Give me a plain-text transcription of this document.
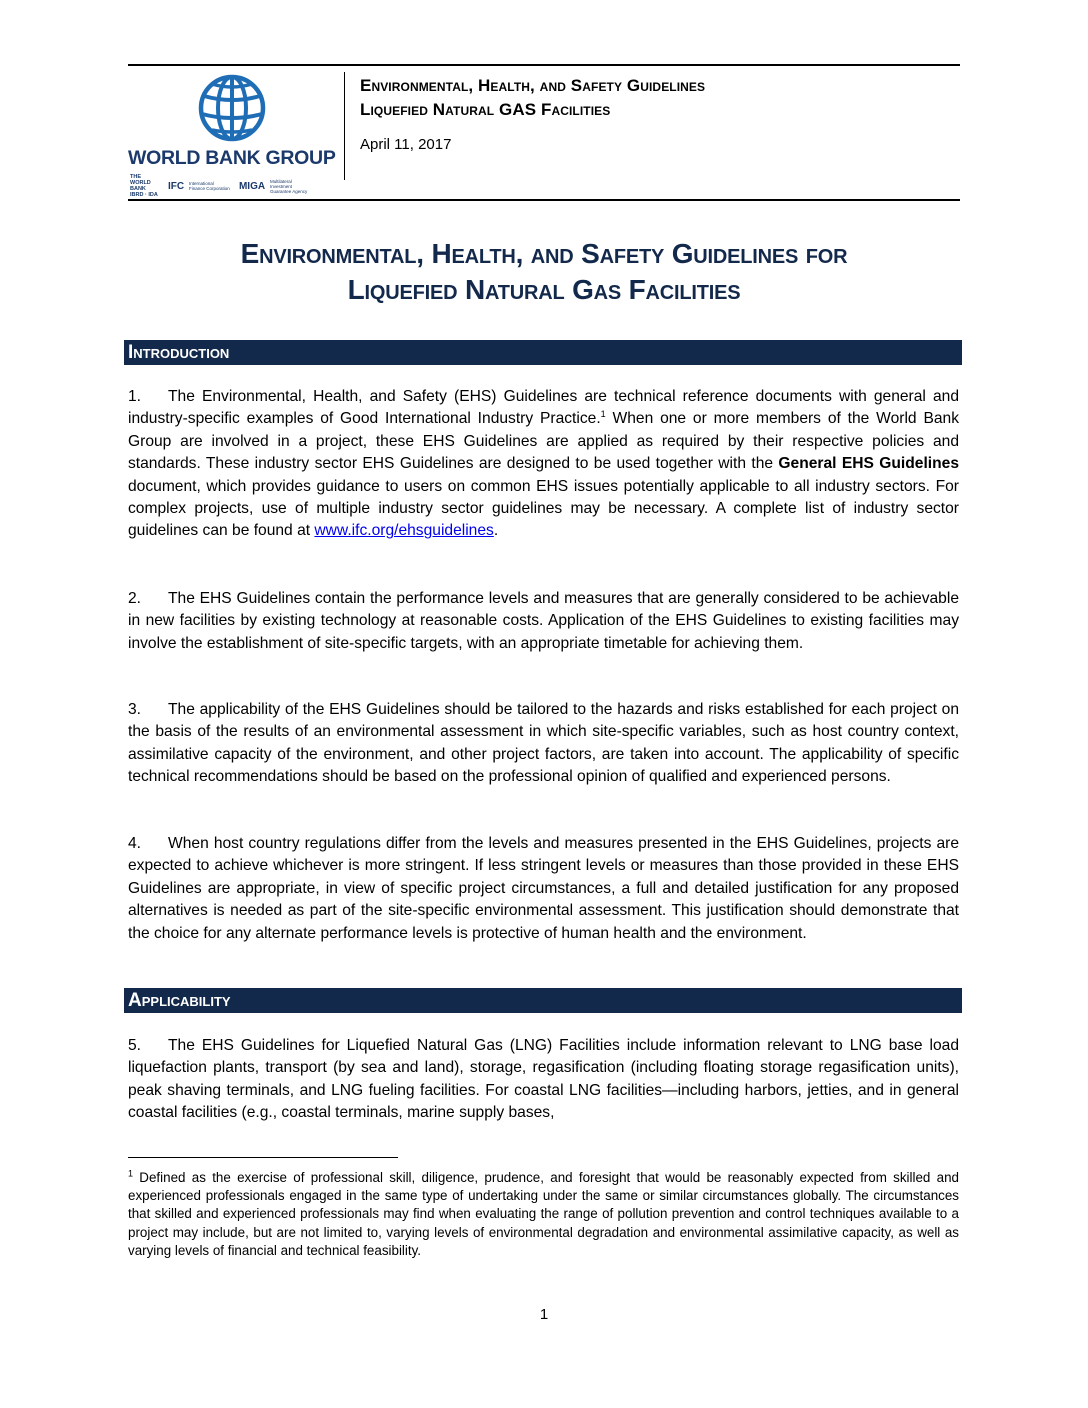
WORLD BANK GROUP
THE WORLD BANK IBRD · IDA IFC International Finance Corporation MIGA Multilateral Investment Guarantee Agency
Environmental, Health, and Safety Guidelines
Liquefied Natural GAS Facilities
April 11, 2017
Environmental, Health, and Safety Guidelines for
Liquefied Natural Gas Facilities
Introduction
1. The Environmental, Health, and Safety (EHS) Guidelines are technical reference documents with general and industry-specific examples of Good International Industry Practice.$^1$ When one or more members of the World Bank Group are involved in a project, these EHS Guidelines are applied as required by their respective policies and standards. These industry sector EHS Guidelines are designed to be used together with the General EHS Guidelines document, which provides guidance to users on common EHS issues potentially applicable to all industry sectors. For complex projects, use of multiple industry sector guidelines may be necessary. A complete list of industry sector guidelines can be found at www.ifc.org/ehsguidelines.
2. The EHS Guidelines contain the performance levels and measures that are generally considered to be achievable in new facilities by existing technology at reasonable costs. Application of the EHS Guidelines to existing facilities may involve the establishment of site-specific targets, with an appropriate timetable for achieving them.
3. The applicability of the EHS Guidelines should be tailored to the hazards and risks established for each project on the basis of the results of an environmental assessment in which site-specific variables, such as host country context, assimilative capacity of the environment, and other project factors, are taken into account. The applicability of specific technical recommendations should be based on the professional opinion of qualified and experienced persons.
4. When host country regulations differ from the levels and measures presented in the EHS Guidelines, projects are expected to achieve whichever is more stringent. If less stringent levels or measures than those provided in these EHS Guidelines are appropriate, in view of specific project circumstances, a full and detailed justification for any proposed alternatives is needed as part of the site-specific environmental assessment. This justification should demonstrate that the choice for any alternate performance levels is protective of human health and the environment.
Applicability
5. The EHS Guidelines for Liquefied Natural Gas (LNG) Facilities include information relevant to LNG base load liquefaction plants, transport (by sea and land), storage, regasification (including floating storage regasification units), peak shaving terminals, and LNG fueling facilities. For coastal LNG facilities—including harbors, jetties, and in general coastal facilities (e.g., coastal terminals, marine supply bases,
$^1$ Defined as the exercise of professional skill, diligence, prudence, and foresight that would be reasonably expected from skilled and experienced professionals engaged in the same type of undertaking under the same or similar circumstances globally. The circumstances that skilled and experienced professionals may find when evaluating the range of pollution prevention and control techniques available to a project may include, but are not limited to, varying levels of environmental degradation and environmental assimilative capacity, as well as varying levels of financial and technical feasibility.
1
